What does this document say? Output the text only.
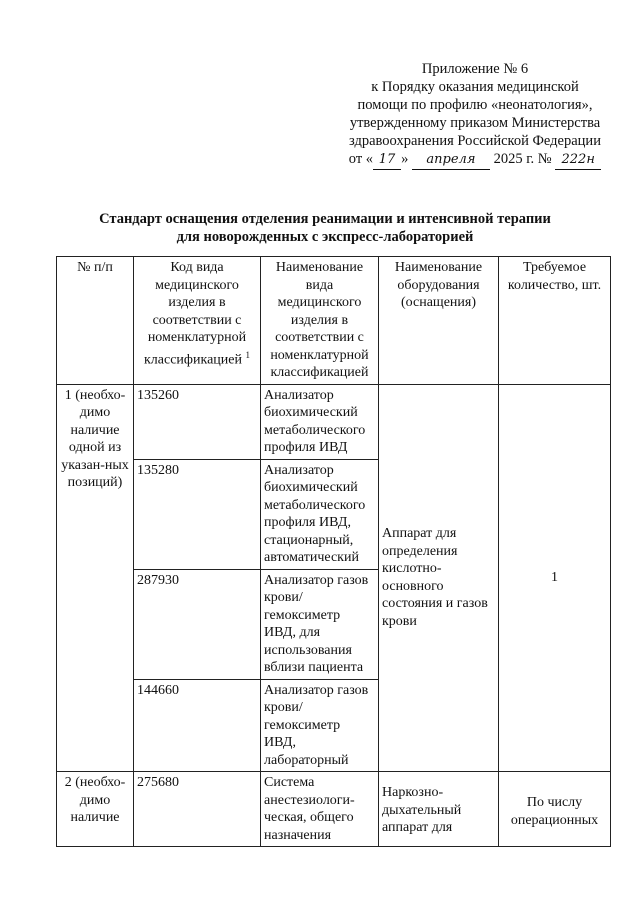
Приложение № 6
к Порядку оказания медицинской
помощи по профилю «неонатология»,
утвержденному приказом Министерства
здравоохранения Российской Федерации
от « 17 » апреля 2025 г. № 222н
Стандарт оснащения отделения реанимации и интенсивной терапии
для новорожденных с экспресс-лабораторией
№ п/п	Код вида медицинского изделия в соответствии с номенклатурной классификацией $^1$	Наименование вида медицинского изделия в соответствии с номенклатурной классификацией	Наименование оборудования (оснащения)	Требуемое количество, шт.
1 (необхо-димо наличие одной из указан-ных позиций)	135260	Анализатор биохимический метаболического профиля ИВД	Аппарат для определения кислотно-основного состояния и газов крови	1
	135280	Анализатор биохимический метаболического профиля ИВД, стационарный, автоматический		
	287930	Анализатор газов крови/ гемоксиметр ИВД, для использования вблизи пациента		
	144660	Анализатор газов крови/ гемоксиметр ИВД, лабораторный		
2 (необхо-димо наличие	275680	Система анестезиологи-ческая, общего назначения	Наркозно-дыхательный аппарат для	По числу операционных
